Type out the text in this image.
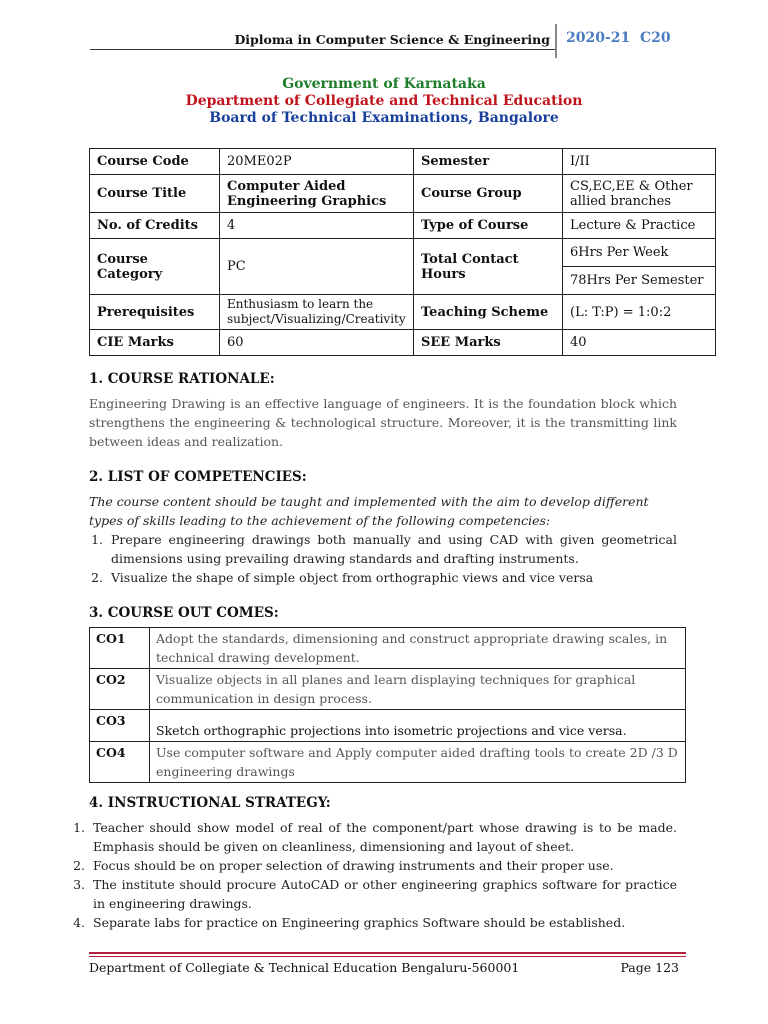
Diploma in Computer Science & Engineering 2020-21 C20
Government of Karnataka
Department of Collegiate and Technical Education
Board of Technical Examinations, Bangalore
Course Code	20ME02P	Semester	I/II
Course Title	Computer Aided Engineering Graphics	Course Group	CS,EC,EE & Other allied branches
No. of Credits	4	Type of Course	Lecture & Practice
Course Category	PC	Total Contact Hours	6Hrs Per Week
			78Hrs Per Semester
Prerequisites	Enthusiasm to learn the subject/Visualizing/Creativity	Teaching Scheme	(L: T:P) = 1:0:2
CIE Marks	60	SEE Marks	40
1. COURSE RATIONALE:
Engineering Drawing is an effective language of engineers. It is the foundation block which strengthens the engineering & technological structure. Moreover, it is the transmitting link between ideas and realization.
2. LIST OF COMPETENCIES:
The course content should be taught and implemented with the aim to develop different types of skills leading to the achievement of the following competencies:
1. Prepare engineering drawings both manually and using CAD with given geometrical dimensions using prevailing drawing standards and drafting instruments.
2. Visualize the shape of simple object from orthographic views and vice versa
3. COURSE OUT COMES:
CO1	Adopt the standards, dimensioning and construct appropriate drawing scales, in technical drawing development.
CO2	Visualize objects in all planes and learn displaying techniques for graphical communication in design process.
CO3	Sketch orthographic projections into isometric projections and vice versa.
CO4	Use computer software and Apply computer aided drafting tools to create 2D /3 D engineering drawings
4. INSTRUCTIONAL STRATEGY:
1. Teacher should show model of real of the component/part whose drawing is to be made. Emphasis should be given on cleanliness, dimensioning and layout of sheet.
2. Focus should be on proper selection of drawing instruments and their proper use.
3. The institute should procure AutoCAD or other engineering graphics software for practice in engineering drawings.
4. Separate labs for practice on Engineering graphics Software should be established.
Department of Collegiate & Technical Education Bengaluru-560001	Page 123
